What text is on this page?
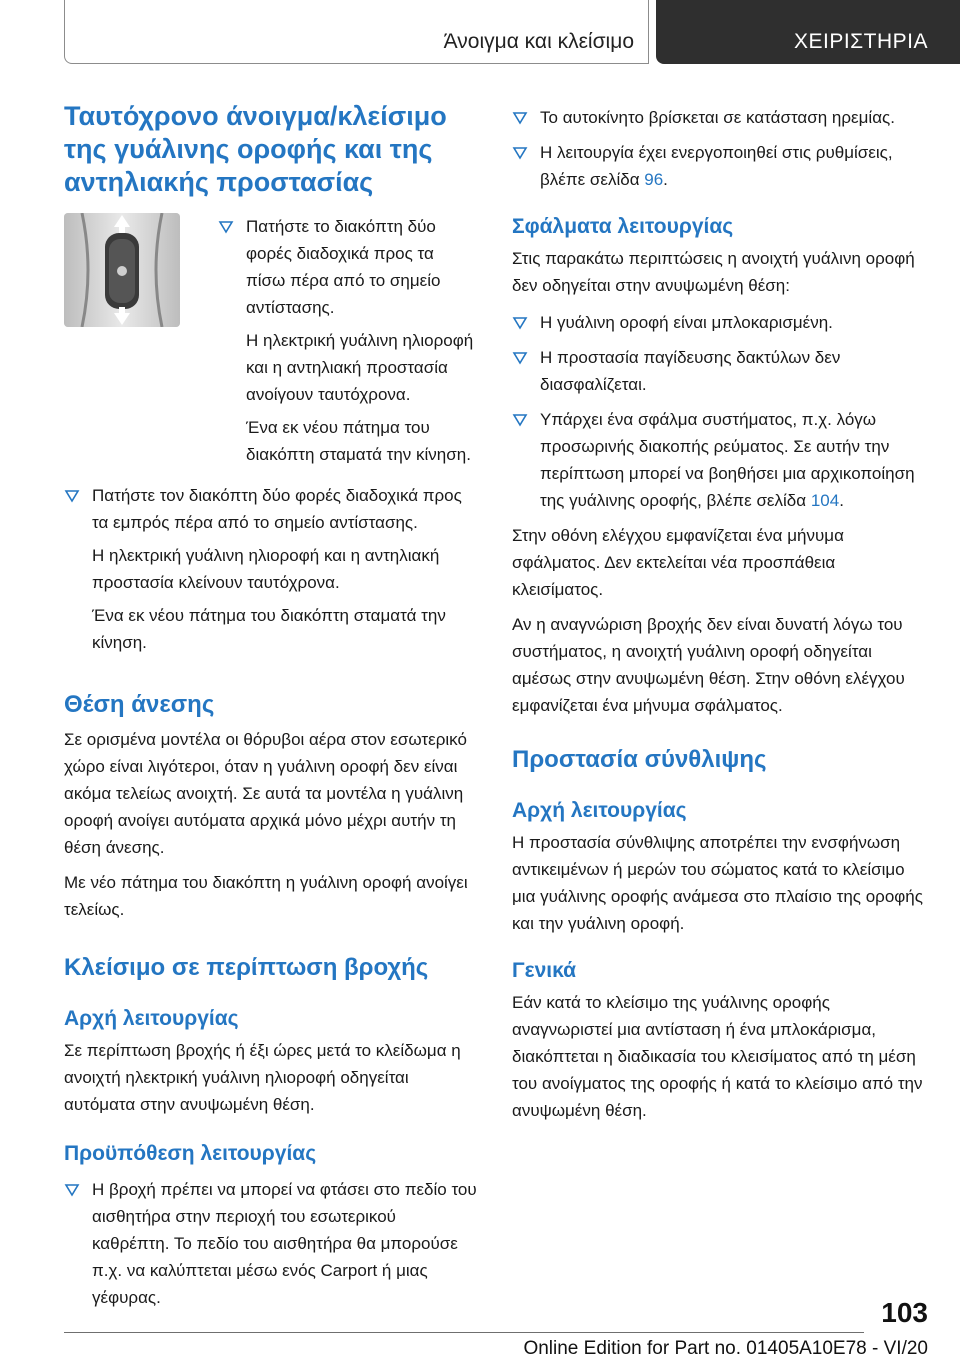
Άνοιγμα και κλείσιμο	ΧΕΙΡΙΣΤΗΡΙΑ
Ταυτόχρονο άνοιγμα/κλείσιμο της γυάλινης οροφής και της αντηλιακής προστασίας
Πατήστε το διακόπτη δύο φορές διαδοχικά προς τα πίσω πέρα από το σημείο αντίστασης.
Η ηλεκτρική γυάλινη ηλιοροφή και η αντηλιακή προστασία ανοίγουν ταυτόχρονα.
Ένα εκ νέου πάτημα του διακόπτη σταματά την κίνηση.
Πατήστε τον διακόπτη δύο φορές διαδοχικά προς τα εμπρός πέρα από το σημείο αντίστασης.
Η ηλεκτρική γυάλινη ηλιοροφή και η αντηλιακή προστασία κλείνουν ταυτόχρονα.
Ένα εκ νέου πάτημα του διακόπτη σταματά την κίνηση.
Θέση άνεσης
Σε ορισμένα μοντέλα οι θόρυβοι αέρα στον εσωτερικό χώρο είναι λιγότεροι, όταν η γυάλινη οροφή δεν είναι ακόμα τελείως ανοιχτή. Σε αυτά τα μοντέλα η γυάλινη οροφή ανοίγει αυτόματα αρχικά μόνο μέχρι αυτήν τη θέση άνεσης.
Με νέο πάτημα του διακόπτη η γυάλινη οροφή ανοίγει τελείως.
Κλείσιμο σε περίπτωση βροχής
Αρχή λειτουργίας
Σε περίπτωση βροχής ή έξι ώρες μετά το κλείδωμα η ανοιχτή ηλεκτρική γυάλινη ηλιοροφή οδηγείται αυτόματα στην ανυψωμένη θέση.
Προϋπόθεση λειτουργίας
Η βροχή πρέπει να μπορεί να φτάσει στο πεδίο του αισθητήρα στην περιοχή του εσωτερικού καθρέπτη. Το πεδίο του αισθητήρα θα μπορούσε π.χ. να καλύπτεται μέσω ενός Carport ή μιας γέφυρας.
Το αυτοκίνητο βρίσκεται σε κατάσταση ηρεμίας.
Η λειτουργία έχει ενεργοποιηθεί στις ρυθμίσεις, βλέπε σελίδα 96.
Σφάλματα λειτουργίας
Στις παρακάτω περιπτώσεις η ανοιχτή γυάλινη οροφή δεν οδηγείται στην ανυψωμένη θέση:
Η γυάλινη οροφή είναι μπλοκαρισμένη.
Η προστασία παγίδευσης δακτύλων δεν διασφαλίζεται.
Υπάρχει ένα σφάλμα συστήματος, π.χ. λόγω προσωρινής διακοπής ρεύματος. Σε αυτήν την περίπτωση μπορεί να βοηθήσει μια αρχικοποίηση της γυάλινης οροφής, βλέπε σελίδα 104.
Στην οθόνη ελέγχου εμφανίζεται ένα μήνυμα σφάλματος. Δεν εκτελείται νέα προσπάθεια κλεισίματος.
Αν η αναγνώριση βροχής δεν είναι δυνατή λόγω του συστήματος, η ανοιχτή γυάλινη οροφή οδηγείται αμέσως στην ανυψωμένη θέση. Στην οθόνη ελέγχου εμφανίζεται ένα μήνυμα σφάλματος.
Προστασία σύνθλιψης
Αρχή λειτουργίας
Η προστασία σύνθλιψης αποτρέπει την ενσφήνωση αντικειμένων ή μερών του σώματος κατά το κλείσιμο μια γυάλινης οροφής ανάμεσα στο πλαίσιο της οροφής και την γυάλινη οροφή.
Γενικά
Εάν κατά το κλείσιμο της γυάλινης οροφής αναγνωριστεί μια αντίσταση ή ένα μπλοκάρισμα, διακόπτεται η διαδικασία του κλεισίματος από τη μέση του ανοίγματος της οροφής ή κατά το κλείσιμο από την ανυψωμένη θέση.
103
Online Edition for Part no. 01405A10E78 - VI/20
